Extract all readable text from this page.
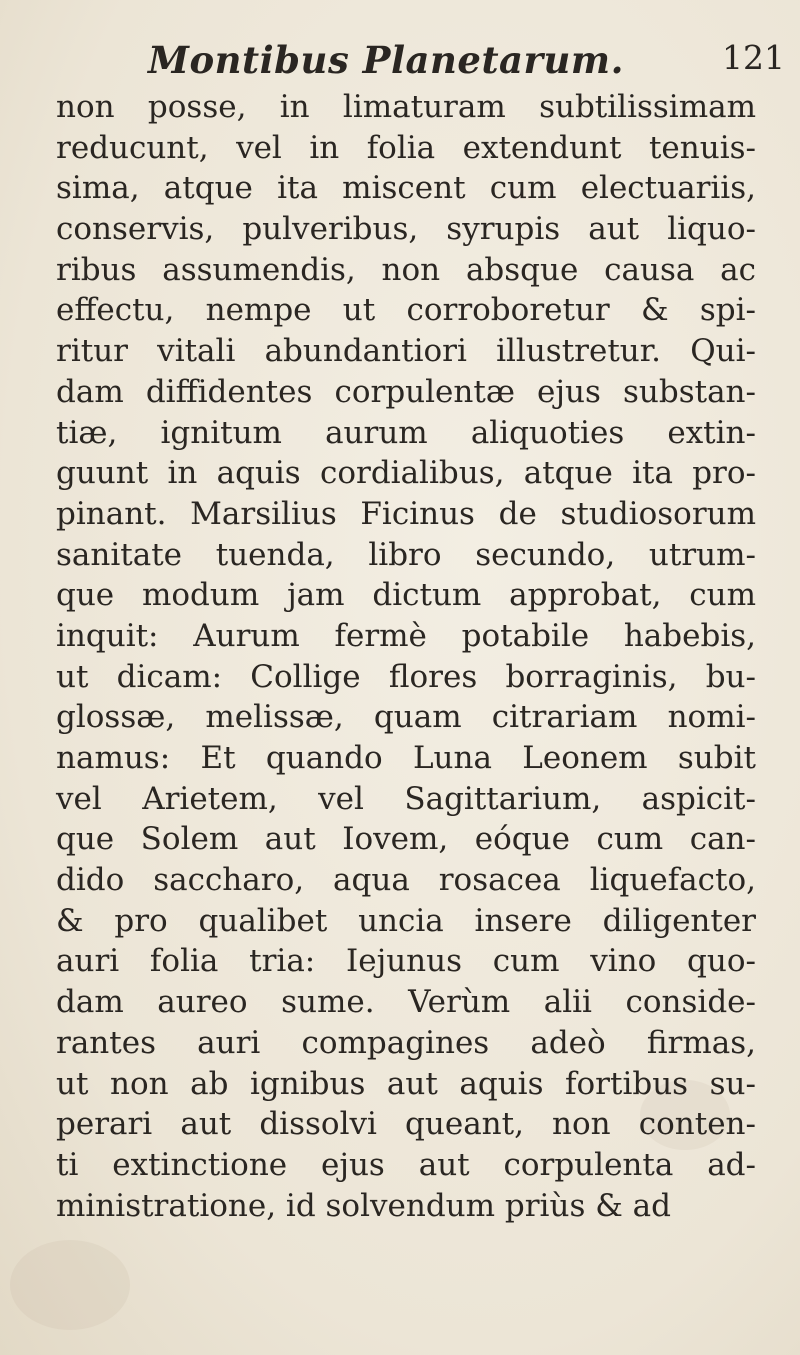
Montibus Planetarum.	121
non posse, in limaturam subtilissimam
reducunt, vel in folia extendunt tenuis-
sima, atque ita miscent cum electuariis,
conservis, pulveribus, syrupis aut liquo-
ribus assumendis, non absque causa ac
effectu, nempe ut corroboretur & spi-
ritur vitali abundantiori illustretur. Qui-
dam diffidentes corpulentæ ejus substan-
tiæ, ignitum aurum aliquoties extin-
guunt in aquis cordialibus, atque ita pro-
pinant. Marsilius Ficinus de studiosorum
sanitate tuenda, libro secundo, utrum-
que modum jam dictum approbat, cum
inquit: Aurum fermè potabile habebis,
ut dicam: Collige flores borraginis, bu-
glossæ, melissæ, quam citrariam nomi-
namus: Et quando Luna Leonem subit
vel Arietem, vel Sagittarium, aspicit-
que Solem aut Iovem, eóque cum can-
dido saccharo, aqua rosacea liquefacto,
& pro qualibet uncia insere diligenter
auri folia tria: Iejunus cum vino quo-
dam aureo sume. Verùm alii conside-
rantes auri compagines adeò firmas,
ut non ab ignibus aut aquis fortibus su-
perari aut dissolvi queant, non conten-
ti extinctione ejus aut corpulenta ad-
ministratione, id solvendum priùs & ad
